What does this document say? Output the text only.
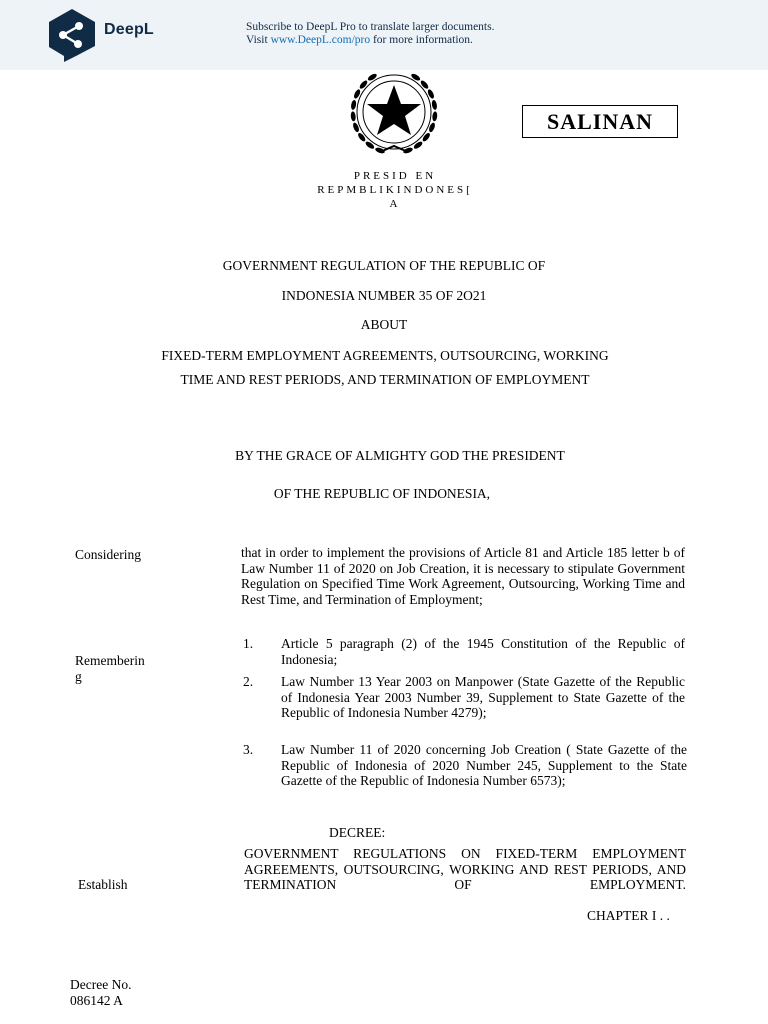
DeepL	Subscribe to DeepL Pro to translate larger documents.
Visit www.DeepL.com/pro for more information.
SALINAN
PRESID EN
REPMBLIKINDONES[
A
GOVERNMENT REGULATION OF THE REPUBLIC OF
INDONESIA NUMBER 35 OF 2O21
ABOUT
FIXED-TERM EMPLOYMENT AGREEMENTS, OUTSOURCING, WORKING
TIME AND REST PERIODS, AND TERMINATION OF EMPLOYMENT
BY THE GRACE OF ALMIGHTY GOD THE PRESIDENT
OF THE REPUBLIC OF INDONESIA,
Considering	that in order to implement the provisions of Article 81 and Article 185 letter b of Law Number 11 of 2020 on Job Creation, it is necessary to stipulate Government Regulation on Specified Time Work Agreement, Outsourcing, Working Time and Rest Time, and Termination of Employment;
Rememberin
g
1. Article 5 paragraph (2) of the 1945 Constitution of the Republic of Indonesia;
2. Law Number 13 Year 2003 on Manpower (State Gazette of the Republic of Indonesia Year 2003 Number 39, Supplement to State Gazette of the Republic of Indonesia Number 4279);
3. Law Number 11 of 2020 concerning Job Creation ( State Gazette of the Republic of Indonesia of 2020 Number 245, Supplement to the State Gazette of the Republic of Indonesia Number 6573);
DECREE:
Establish
GOVERNMENT REGULATIONS ON FIXED-TERM EMPLOYMENT AGREEMENTS, OUTSOURCING, WORKING AND REST PERIODS, AND TERMINATION OF EMPLOYMENT.
CHAPTER I . .
Decree No.
086142 A
